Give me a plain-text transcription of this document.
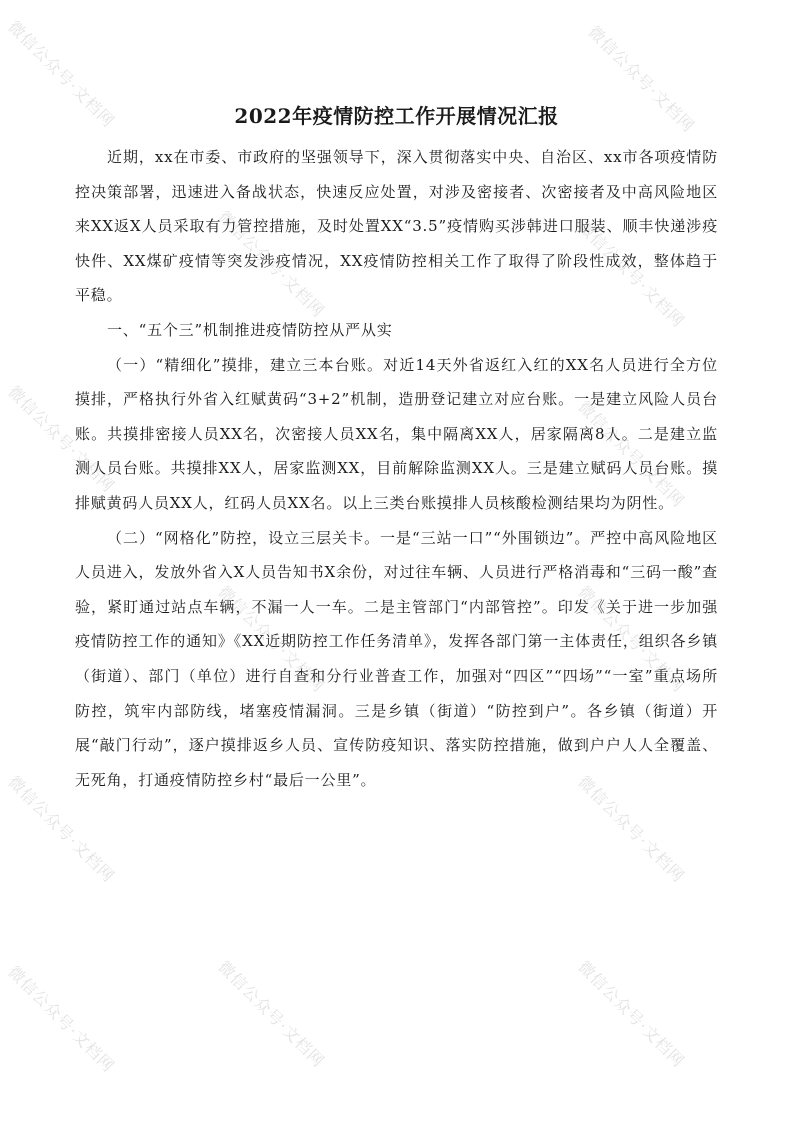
2022年疫情防控工作开展情况汇报

近期，xx在市委、市政府的坚强领导下，深入贯彻落实中央、自治区、xx市各项疫情防控决策部署，迅速进入备战状态，快速反应处置，对涉及密接者、次密接者及中高风险地区来XX返X人员采取有力管控措施，及时处置XX“3.5”疫情购买涉韩进口服装、顺丰快递涉疫快件、XX煤矿疫情等突发涉疫情况，XX疫情防控相关工作了取得了阶段性成效，整体趋于平稳。

一、“五个三”机制推进疫情防控从严从实

（一）“精细化”摸排，建立三本台账。对近14天外省返红入红的XX名人员进行全方位摸排，严格执行外省入红赋黄码“3+2”机制，造册登记建立对应台账。一是建立风险人员台账。共摸排密接人员XX名，次密接人员XX名，集中隔离XX人，居家隔离8人。二是建立监测人员台账。共摸排XX人，居家监测XX，目前解除监测XX人。三是建立赋码人员台账。摸排赋黄码人员XX人，红码人员XX名。以上三类台账摸排人员核酸检测结果均为阴性。

（二）“网格化”防控，设立三层关卡。一是“三站一口”“外围锁边”。严控中高风险地区人员进入，发放外省入X人员告知书X余份，对过往车辆、人员进行严格消毒和“三码一酸”查验，紧盯通过站点车辆，不漏一人一车。二是主管部门“内部管控”。印发《关于进一步加强疫情防控工作的通知》《XX近期防控工作任务清单》，发挥各部门第一主体责任，组织各乡镇（街道）、部门（单位）进行自查和分行业普查工作，加强对“四区”“四场”“一室”重点场所防控，筑牢内部防线，堵塞疫情漏洞。三是乡镇（街道）“防控到户”。各乡镇（街道）开展“敲门行动”，逐户摸排返乡人员、宣传防疫知识、落实防控措施，做到户户人人全覆盖、无死角，打通疫情防控乡村“最后一公里”。

微信公众号·文档网	微信公众号·文档网
微信公众号·文档网	微信公众号·文档网
微信公众号·文档网	微信公众号·文档网
微信公众号·文档网	微信公众号·文档网
微信公众号·文档网	微信公众号·文档网
微信公众号·文档网	微信公众号·文档网
微信公众号·文档网
